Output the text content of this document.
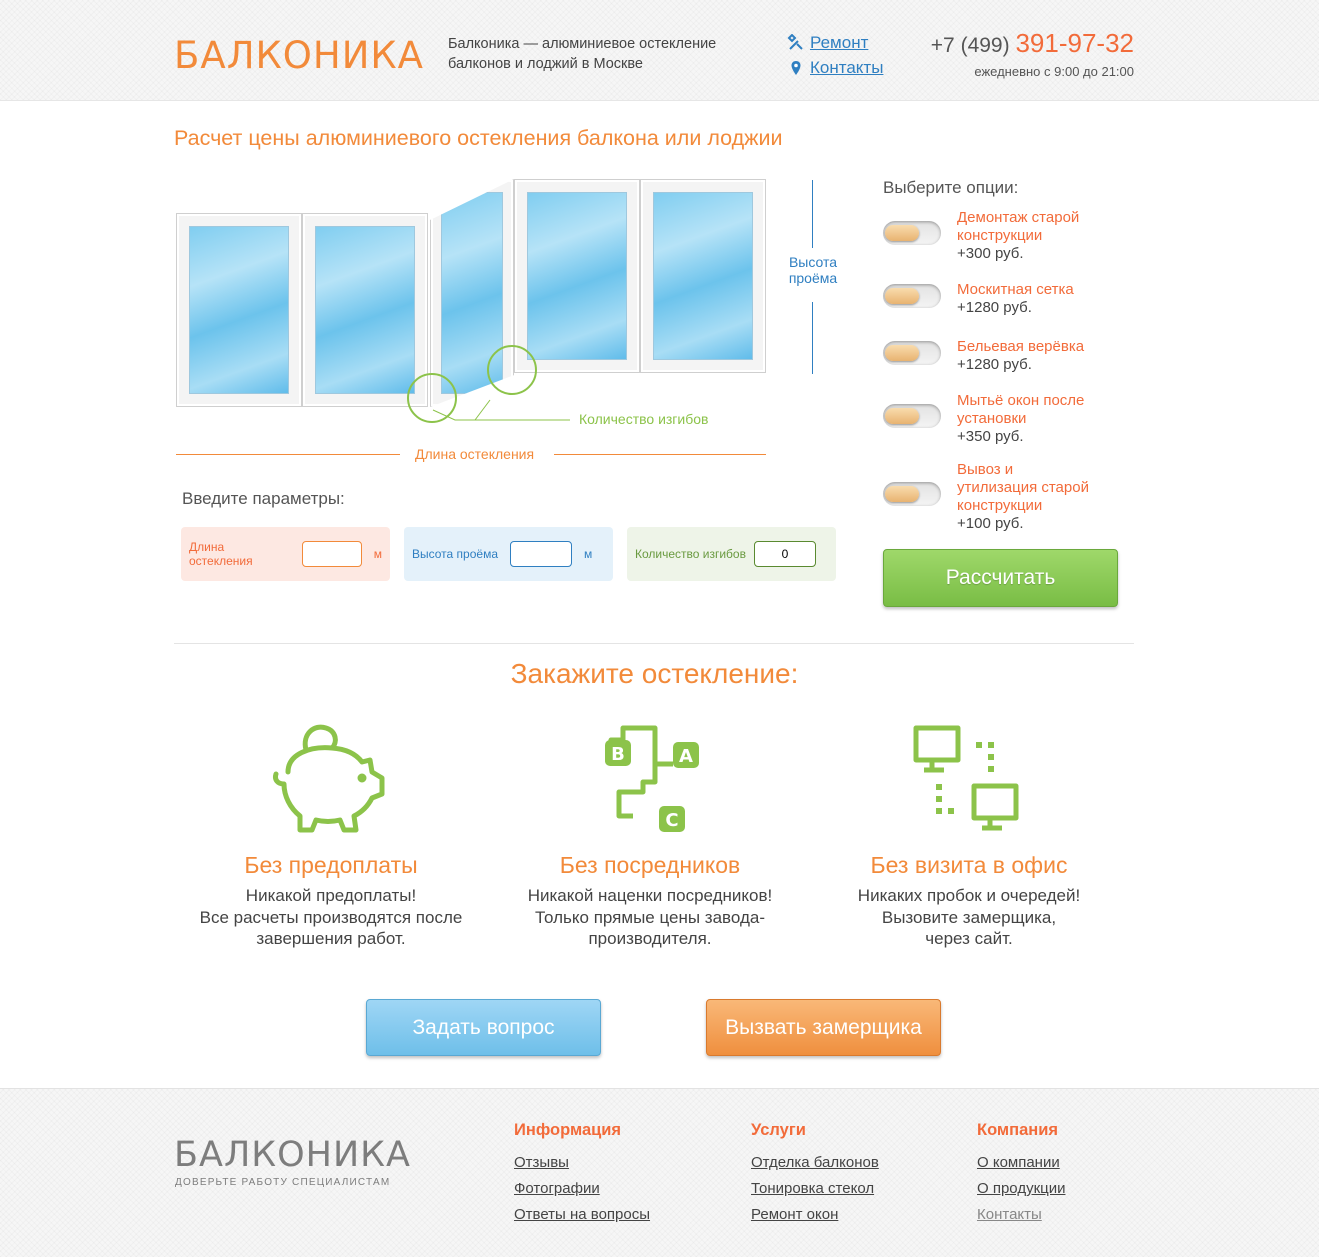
БАЛКОНИКА Балконика — алюминиевое остекление балконов и лоджий в Москве
Ремонт
Контакты
+7 (499) 391-97-32
ежедневно с 9:00 до 21:00
Расчет цены алюминиевого остекления балкона или лоджии
Количество изгибов
Высота
проёма
Длина остекления
Введите параметры:
Длина остекления	м	Высота проёма	м	Количество изгибов
0
Выберите опции:
Демонтаж старой
конструкции
+300 руб.
Москитная сетка
+1280 руб.
Бельевая верёвка
+1280 руб.
Мытьё окон после
установки
+350 руб.
Вывоз и
утилизация старой
конструкции
+100 руб.
Рассчитать
Закажите остекление:
Без предоплаты
Никакой предоплаты!
Все расчеты производятся после
завершения работ.
B	A
C
Без посредников
Никакой наценки посредников!
Только прямые цены завода-
производителя.
Без визита в офис
Никаких пробок и очередей!
Вызовите замерщика,
через сайт.
Задать вопрос	Вызвать замерщика
БАЛКОНИКА
ДОВЕРЬТЕ РАБОТУ СПЕЦИАЛИСТАМ
Информация
Отзывы
Фотографии
Ответы на вопросы
Услуги
Отделка балконов
Тонировка стекол
Ремонт окон
Компания
О компании
О продукции
Контакты
